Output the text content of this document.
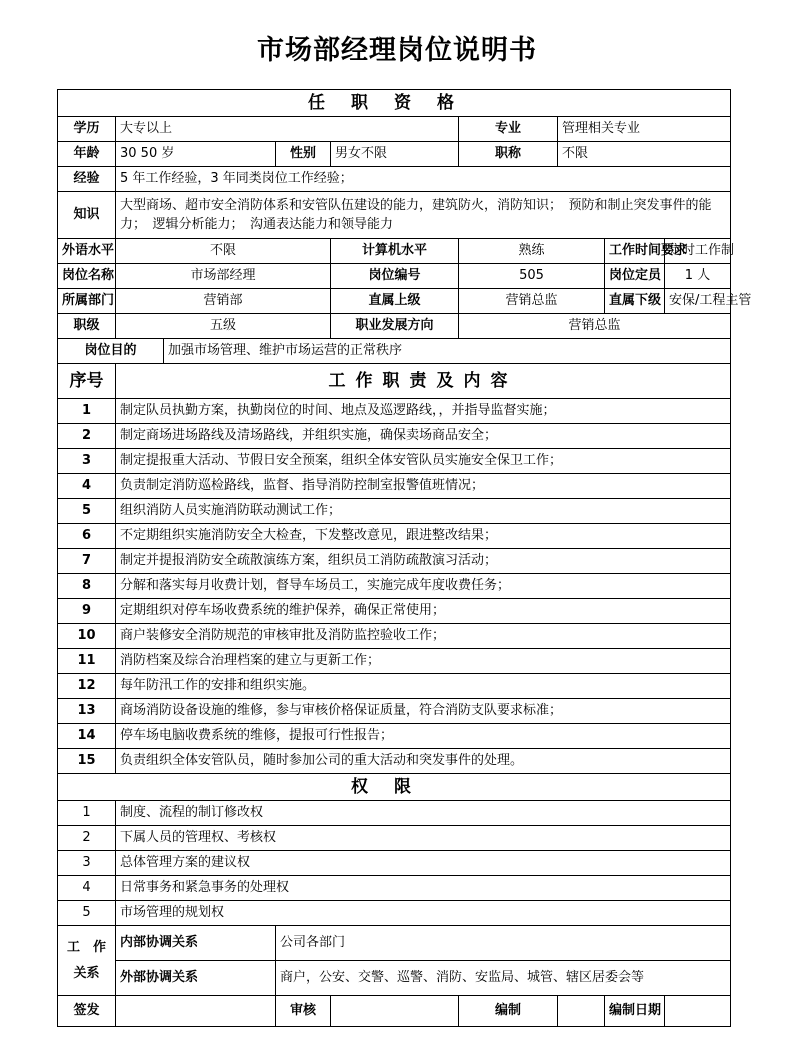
市场部经理岗位说明书
任职资格								
学历	大专以上				专业	管理相关专业		
年龄	30 50 岁		性别	男女不限	职称	不限		
经验	5 年工作经验，3 年同类岗位工作经验；							
知识	大型商场、超市安全消防体系和安管队伍建设的能力，建筑防火，消防知识；　预防和制止突发事件的能力；　逻辑分析能力；　沟通表达能力和领导能力							
外语水平	不限			计算机水平	熟练		工作时间要求	定时工作制
岗位名称	市场部经理			岗位编号	505		岗位定员	1 人
所属部门	营销部			直属上级	营销总监		直属下级	安保/工程主管
职级	五级			职业发展方向	营销总监			
岗位目的		加强市场管理、维护市场运营的正常秩序						
序号	工作职责及内容							
1	制定队员执勤方案，执勤岗位的时间、地点及巡逻路线，，并指导监督实施；							
2	制定商场进场路线及清场路线，并组织实施，确保卖场商品安全；							
3	制定提报重大活动、节假日安全预案，组织全体安管队员实施安全保卫工作；							
4	负责制定消防巡检路线，监督、指导消防控制室报警值班情况；							
5	组织消防人员实施消防联动测试工作；							
6	不定期组织实施消防安全大检查，下发整改意见，跟进整改结果；							
7	制定并提报消防安全疏散演练方案，组织员工消防疏散演习活动；							
8	分解和落实每月收费计划，督导车场员工，实施完成年度收费任务；							
9	定期组织对停车场收费系统的维护保养，确保正常使用；							
10	商户装修安全消防规范的审核审批及消防监控验收工作；							
11	消防档案及综合治理档案的建立与更新工作；							
12	每年防汛工作的安排和组织实施。							
13	商场消防设备设施的维修，参与审核价格保证质量，符合消防支队要求标准；							
14	停车场电脑收费系统的维修，提报可行性报告；							
15	负责组织全体安管队员，随时参加公司的重大活动和突发事件的处理。							
权限								
1	制度、流程的制订修改权							
2	下属人员的管理权、考核权							
3	总体管理方案的建议权							
4	日常事务和紧急事务的处理权							
5	市场管理的规划权							

工　作
关系	内部协调关系		公司各部门					
	外部协调关系		商户，公安、交警、巡警、消防、安监局、城管、辖区居委会等					
签发			审核		编制		编制日期	
